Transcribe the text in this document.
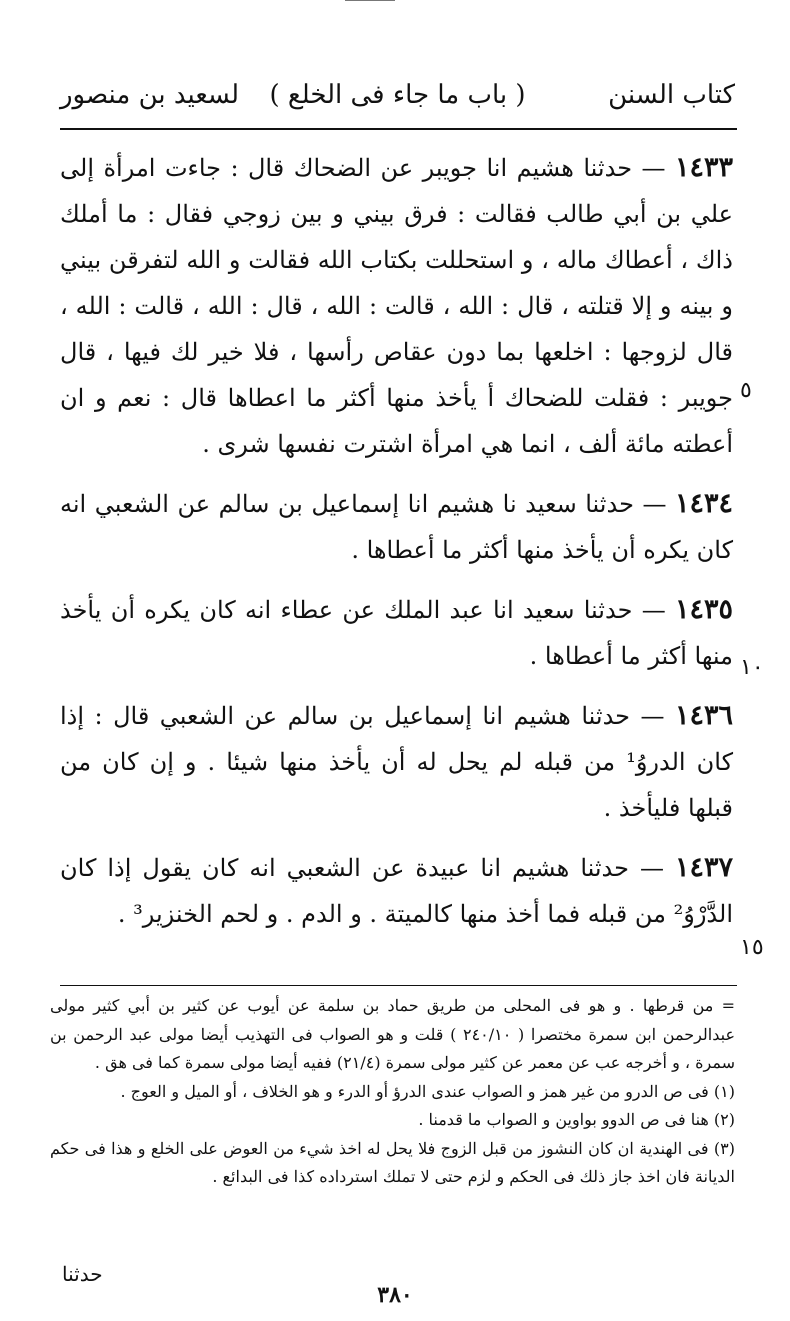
كتاب السنن
( باب ما جاء فى الخلع )
لسعيد بن منصور

١٤٣٣ — حدثنا هشيم انا جويبر عن الضحاك قال : جاءت امرأة إلى علي بن أبي طالب فقالت : فرق بيني و بين زوجي فقال : ما أملك ذاك ، أعطاك ماله ، و استحللت بكتاب الله فقالت و الله لتفرقن بيني و بينه و إلا قتلته ، قال : الله ، قالت : الله ، قال : الله ، قالت : الله ، قال لزوجها : اخلعها بما دون عقاص رأسها ، فلا خير لك فيها ، قال جويبر : فقلت للضحاك أ يأخذ منها أكثر ما اعطاها قال : نعم و ان أعطته مائة ألف ، انما هي امرأة اشترت نفسها شرى .

١٤٣٤ — حدثنا سعيد نا هشيم انا إسماعيل بن سالم عن الشعبي انه كان يكره أن يأخذ منها أكثر ما أعطاها .

١٤٣٥ — حدثنا سعيد انا عبد الملك عن عطاء انه كان يكره أن يأخذ منها أكثر ما أعطاها .

١٤٣٦ — حدثنا هشيم انا إسماعيل بن سالم عن الشعبي قال : إذا كان الدروُ¹ من قبله لم يحل له أن يأخذ منها شيئا . و إن كان من قبلها فليأخذ .

١٤٣٧ — حدثنا هشيم انا عبيدة عن الشعبي انه كان يقول إذا كان الدَّرْوُ² من قبله فما أخذ منها كالميتة . و الدم . و لحم الخنزير³ .

٥
١٠
١٥

= من قرطها . و هو فى المحلى من طريق حماد بن سلمة عن أيوب عن كثير بن أبي كثير مولى عبدالرحمن ابن سمرة مختصرا ( ٢٤٠/١٠ ) قلت و هو الصواب فى التهذيب أيضا مولى عبد الرحمن بن سمرة ، و أخرجه عب عن معمر عن كثير مولى سمرة (٢١/٤) ففيه أيضا مولى سمرة كما فى هق .

(١) فى ص الدرو من غير همز و الصواب عندى الدرؤ أو الدرء و هو الخلاف ، أو الميل و العوج .

(٢) هنا فى ص الدوو بواوين و الصواب ما قدمنا .

(٣) فى الهندية ان كان النشوز من قبل الزوج فلا يحل له اخذ شيء من العوض على الخلع و هذا فى حكم الديانة فان اخذ جاز ذلك فى الحكم و لزم حتى لا تملك استرداده كذا فى البدائع .

حدثنا
٣٨٠
